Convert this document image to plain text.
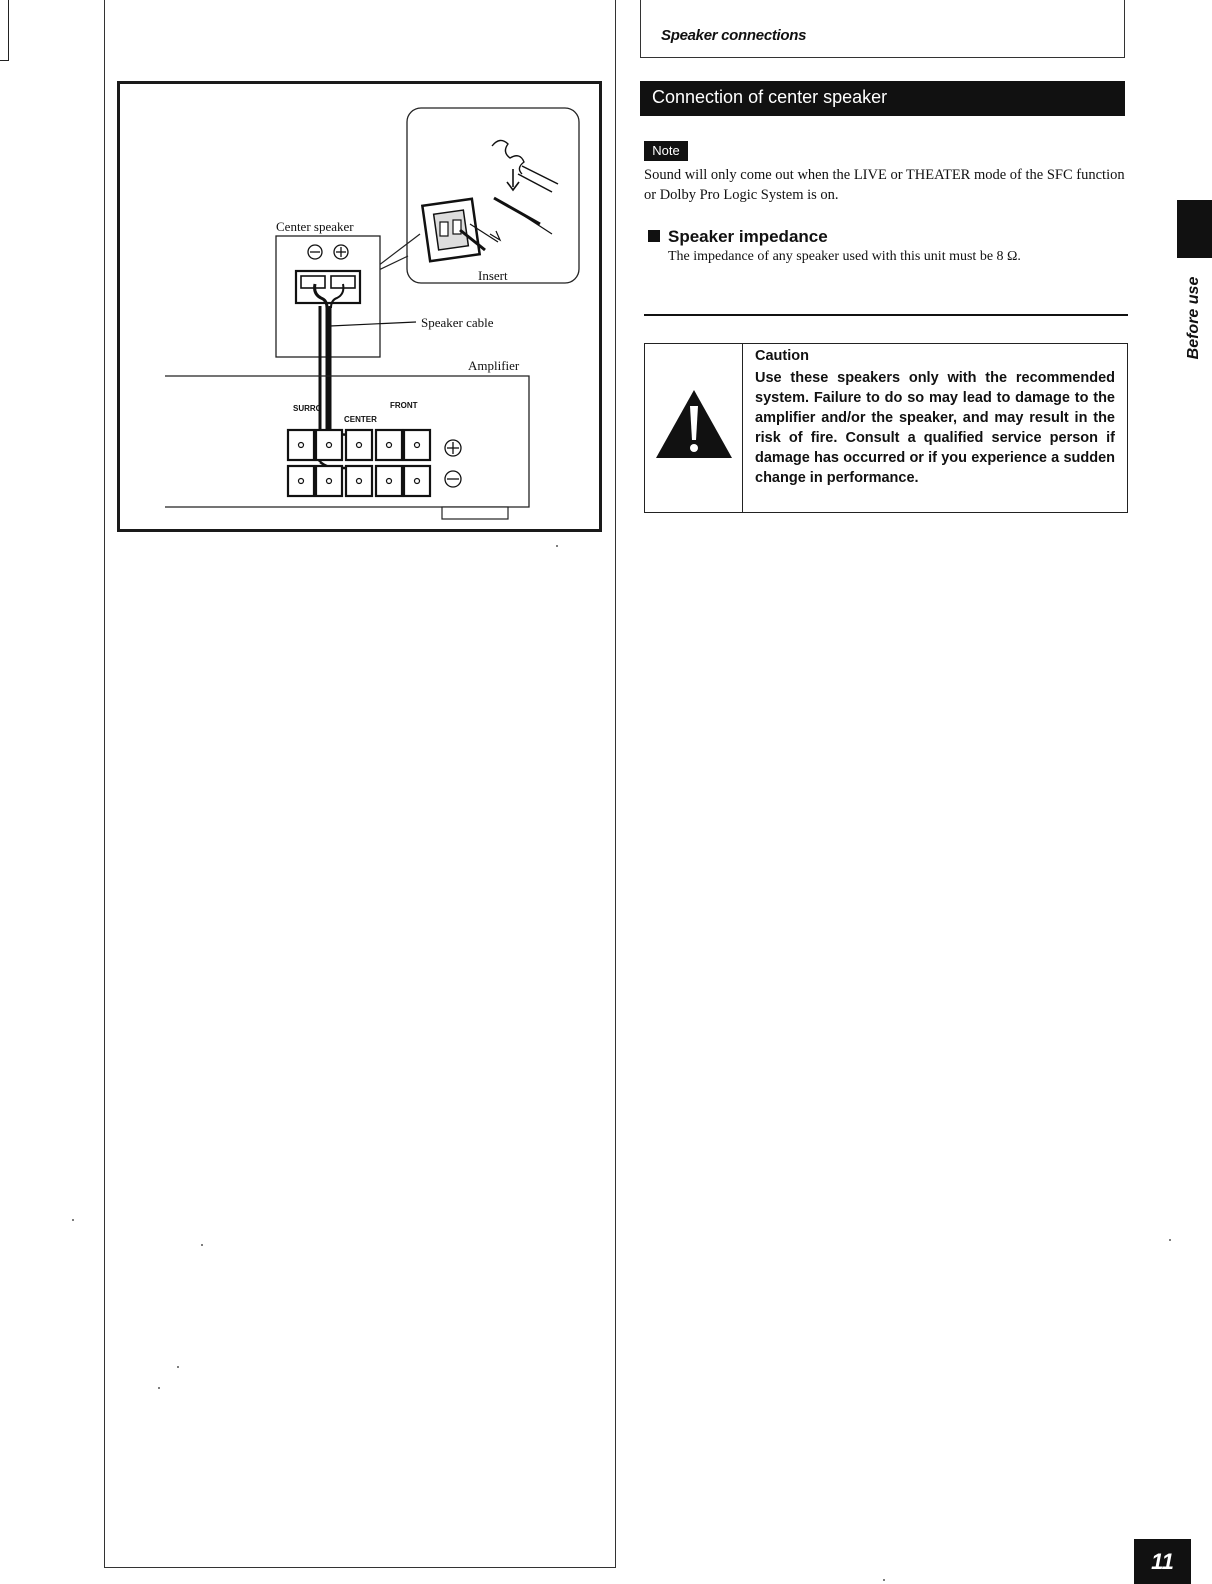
Insert
Center speaker
Speaker cable
Amplifier
SURRO
CENTER
FRONT
Speaker connections
Connection of center speaker
Note
Sound will only come out when the LIVE or THEATER mode of the SFC function or Dolby Pro Logic System is on.
Speaker impedance
The impedance of any speaker used with this unit must be 8 Ω.
Caution
Use these speakers only with the recommended system. Failure to do so may lead to damage to the amplifier and/or the speaker, and may result in the risk of fire. Consult a qualified service person if damage has occurred or if you experience a sudden change in performance.
Before use
11
